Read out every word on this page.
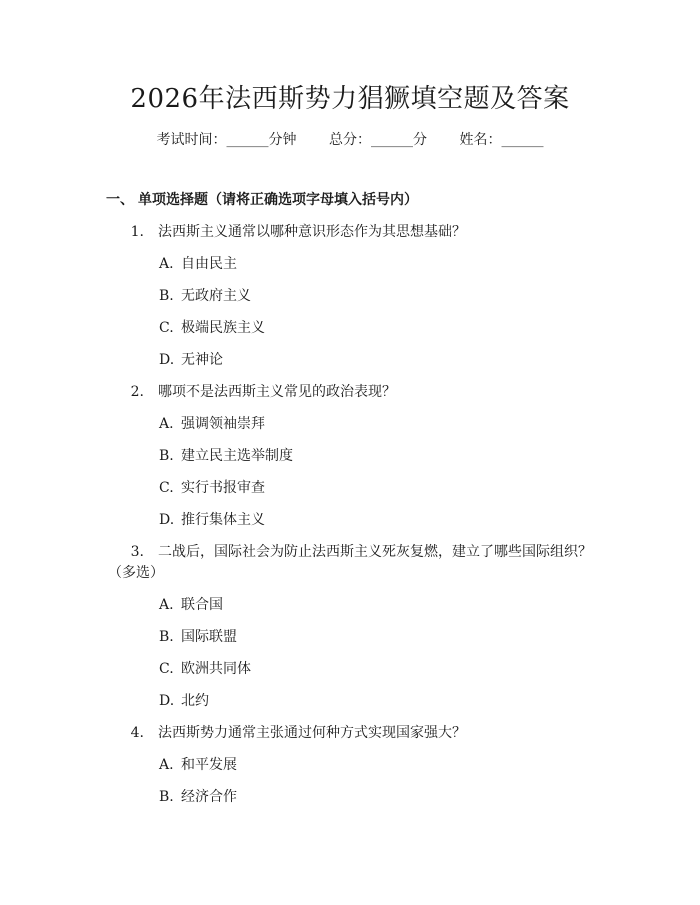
2026年法西斯势力猖獗填空题及答案
考试时间：______分钟 总分：______分 姓名：______
一、 单项选择题（请将正确选项字母填入括号内）
1. 法西斯主义通常以哪种意识形态作为其思想基础？
A. 自由民主
B. 无政府主义
C. 极端民族主义
D. 无神论
2. 哪项不是法西斯主义常见的政治表现？
A. 强调领袖崇拜
B. 建立民主选举制度
C. 实行书报审查
D. 推行集体主义
3. 二战后，国际社会为防止法西斯主义死灰复燃，建立了哪些国际组织？
（多选）
A. 联合国
B. 国际联盟
C. 欧洲共同体
D. 北约
4. 法西斯势力通常主张通过何种方式实现国家强大？
A. 和平发展
B. 经济合作
